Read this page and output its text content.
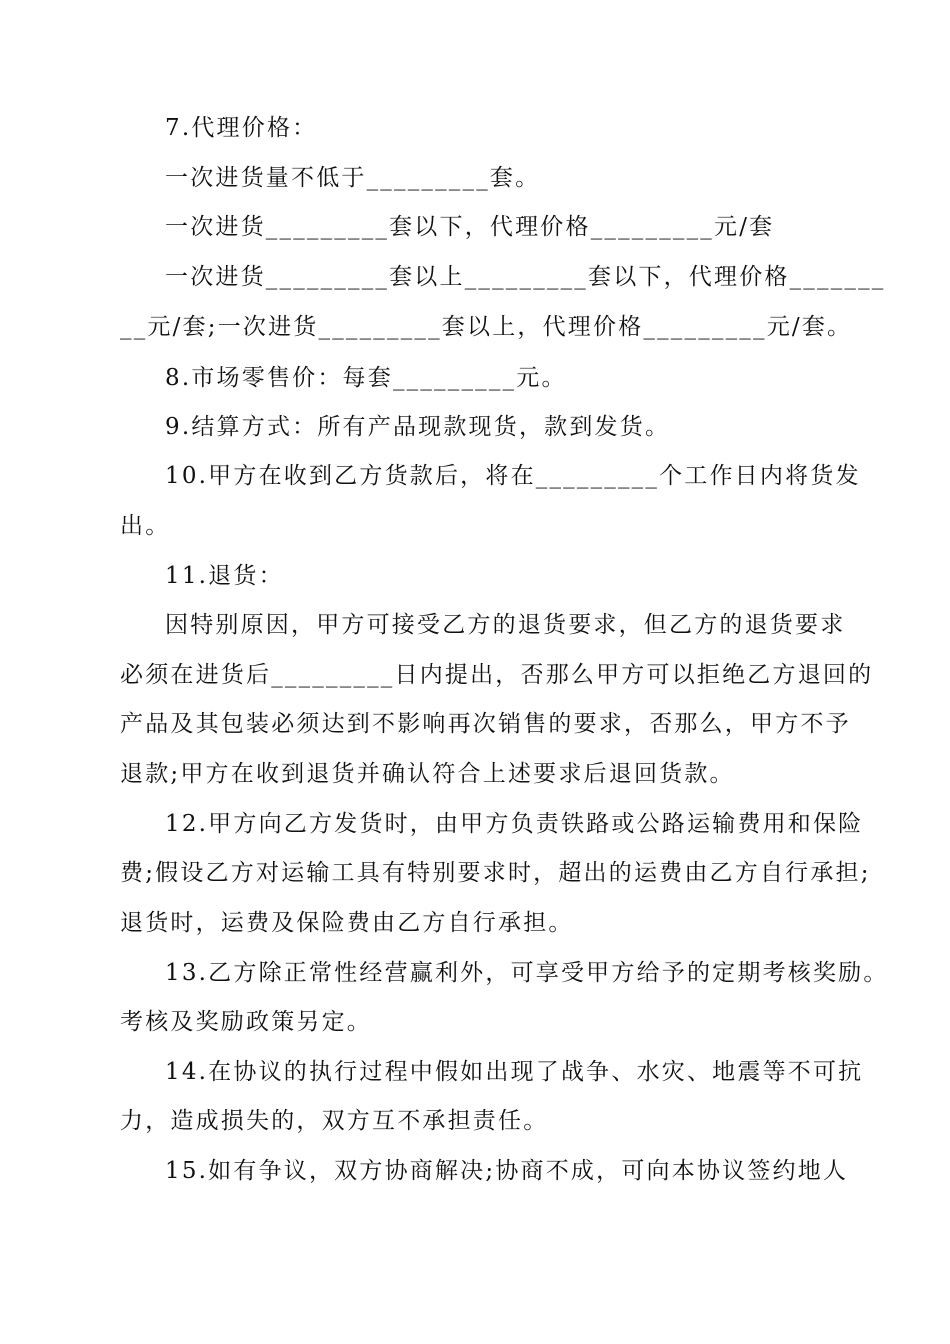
7.代理价格：
一次进货量不低于_________套。
一次进货_________套以下，代理价格_________元/套
一次进货_________套以上_________套以下，代理价格_______
__元/套;一次进货_________套以上，代理价格_________元/套。
8.市场零售价：每套_________元。
9.结算方式：所有产品现款现货，款到发货。
10.甲方在收到乙方货款后，将在_________个工作日内将货发
出。
11.退货：
因特别原因，甲方可接受乙方的退货要求，但乙方的退货要求
必须在进货后_________日内提出，否那么甲方可以拒绝乙方退回的
产品及其包装必须达到不影响再次销售的要求，否那么，甲方不予
退款;甲方在收到退货并确认符合上述要求后退回货款。
12.甲方向乙方发货时，由甲方负责铁路或公路运输费用和保险
费;假设乙方对运输工具有特别要求时，超出的运费由乙方自行承担;
退货时，运费及保险费由乙方自行承担。
13.乙方除正常性经营赢利外，可享受甲方给予的定期考核奖励。
考核及奖励政策另定。
14.在协议的执行过程中假如出现了战争、水灾、地震等不可抗
力，造成损失的，双方互不承担责任。
15.如有争议，双方协商解决;协商不成，可向本协议签约地人
